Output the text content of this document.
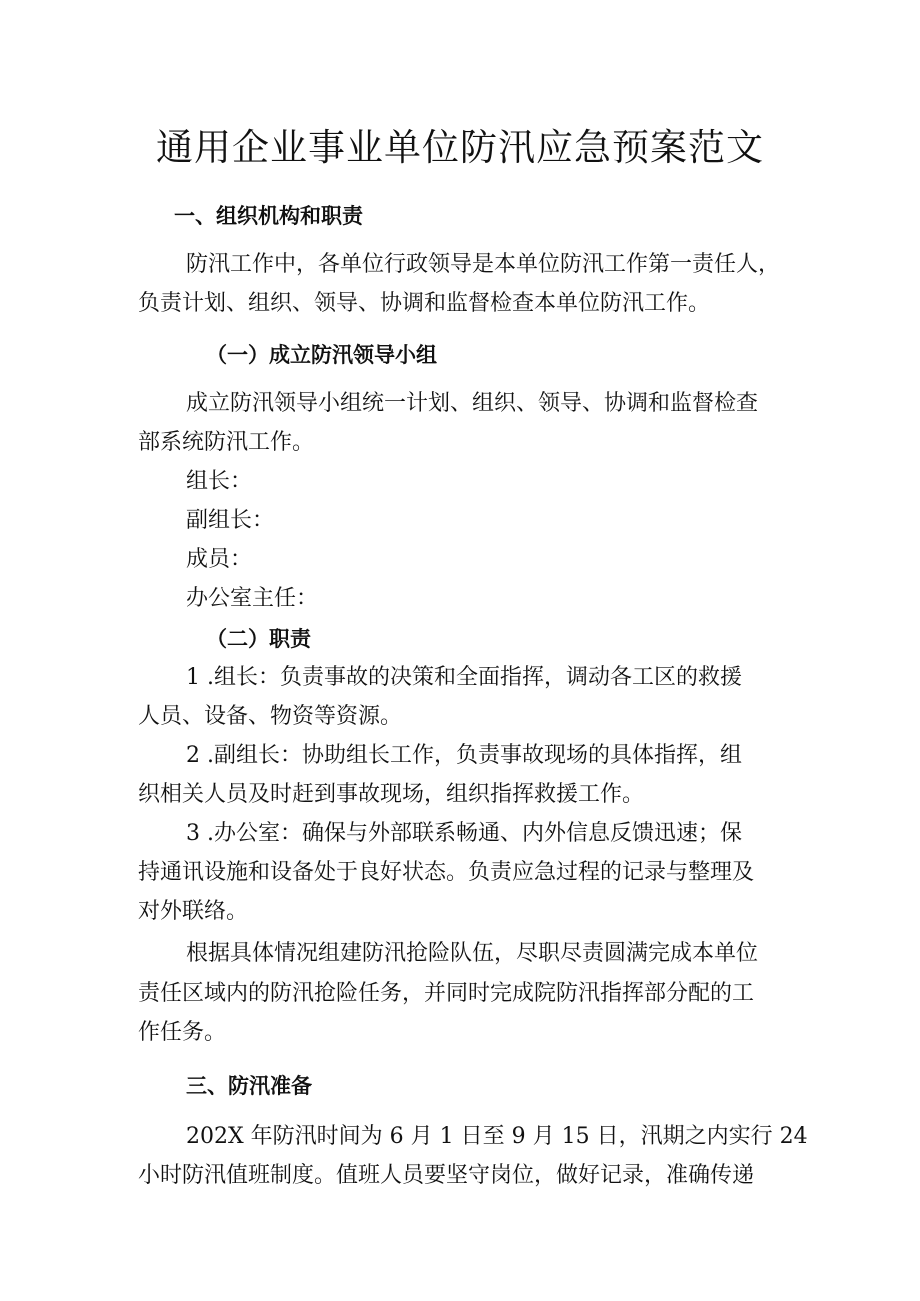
通用企业事业单位防汛应急预案范文

一、组织机构和职责

防汛工作中，各单位行政领导是本单位防汛工作第一责任人，

负责计划、组织、领导、协调和监督检查本单位防汛工作。

（一）成立防汛领导小组

成立防汛领导小组统一计划、组织、领导、协调和监督检查

部系统防汛工作。

组长：

副组长：

成员：

办公室主任：

（二）职责

1 .组长：负责事故的决策和全面指挥，调动各工区的救援

人员、设备、物资等资源。

2 .副组长：协助组长工作，负责事故现场的具体指挥，组

织相关人员及时赶到事故现场，组织指挥救援工作。

3 .办公室：确保与外部联系畅通、内外信息反馈迅速；保

持通讯设施和设备处于良好状态。负责应急过程的记录与整理及

对外联络。

根据具体情况组建防汛抢险队伍，尽职尽责圆满完成本单位

责任区域内的防汛抢险任务，并同时完成院防汛指挥部分配的工

作任务。

三、防汛准备

202X 年防汛时间为 6 月 1 日至 9 月 15 日，汛期之内实行 24

小时防汛值班制度。值班人员要坚守岗位，做好记录，准确传递
